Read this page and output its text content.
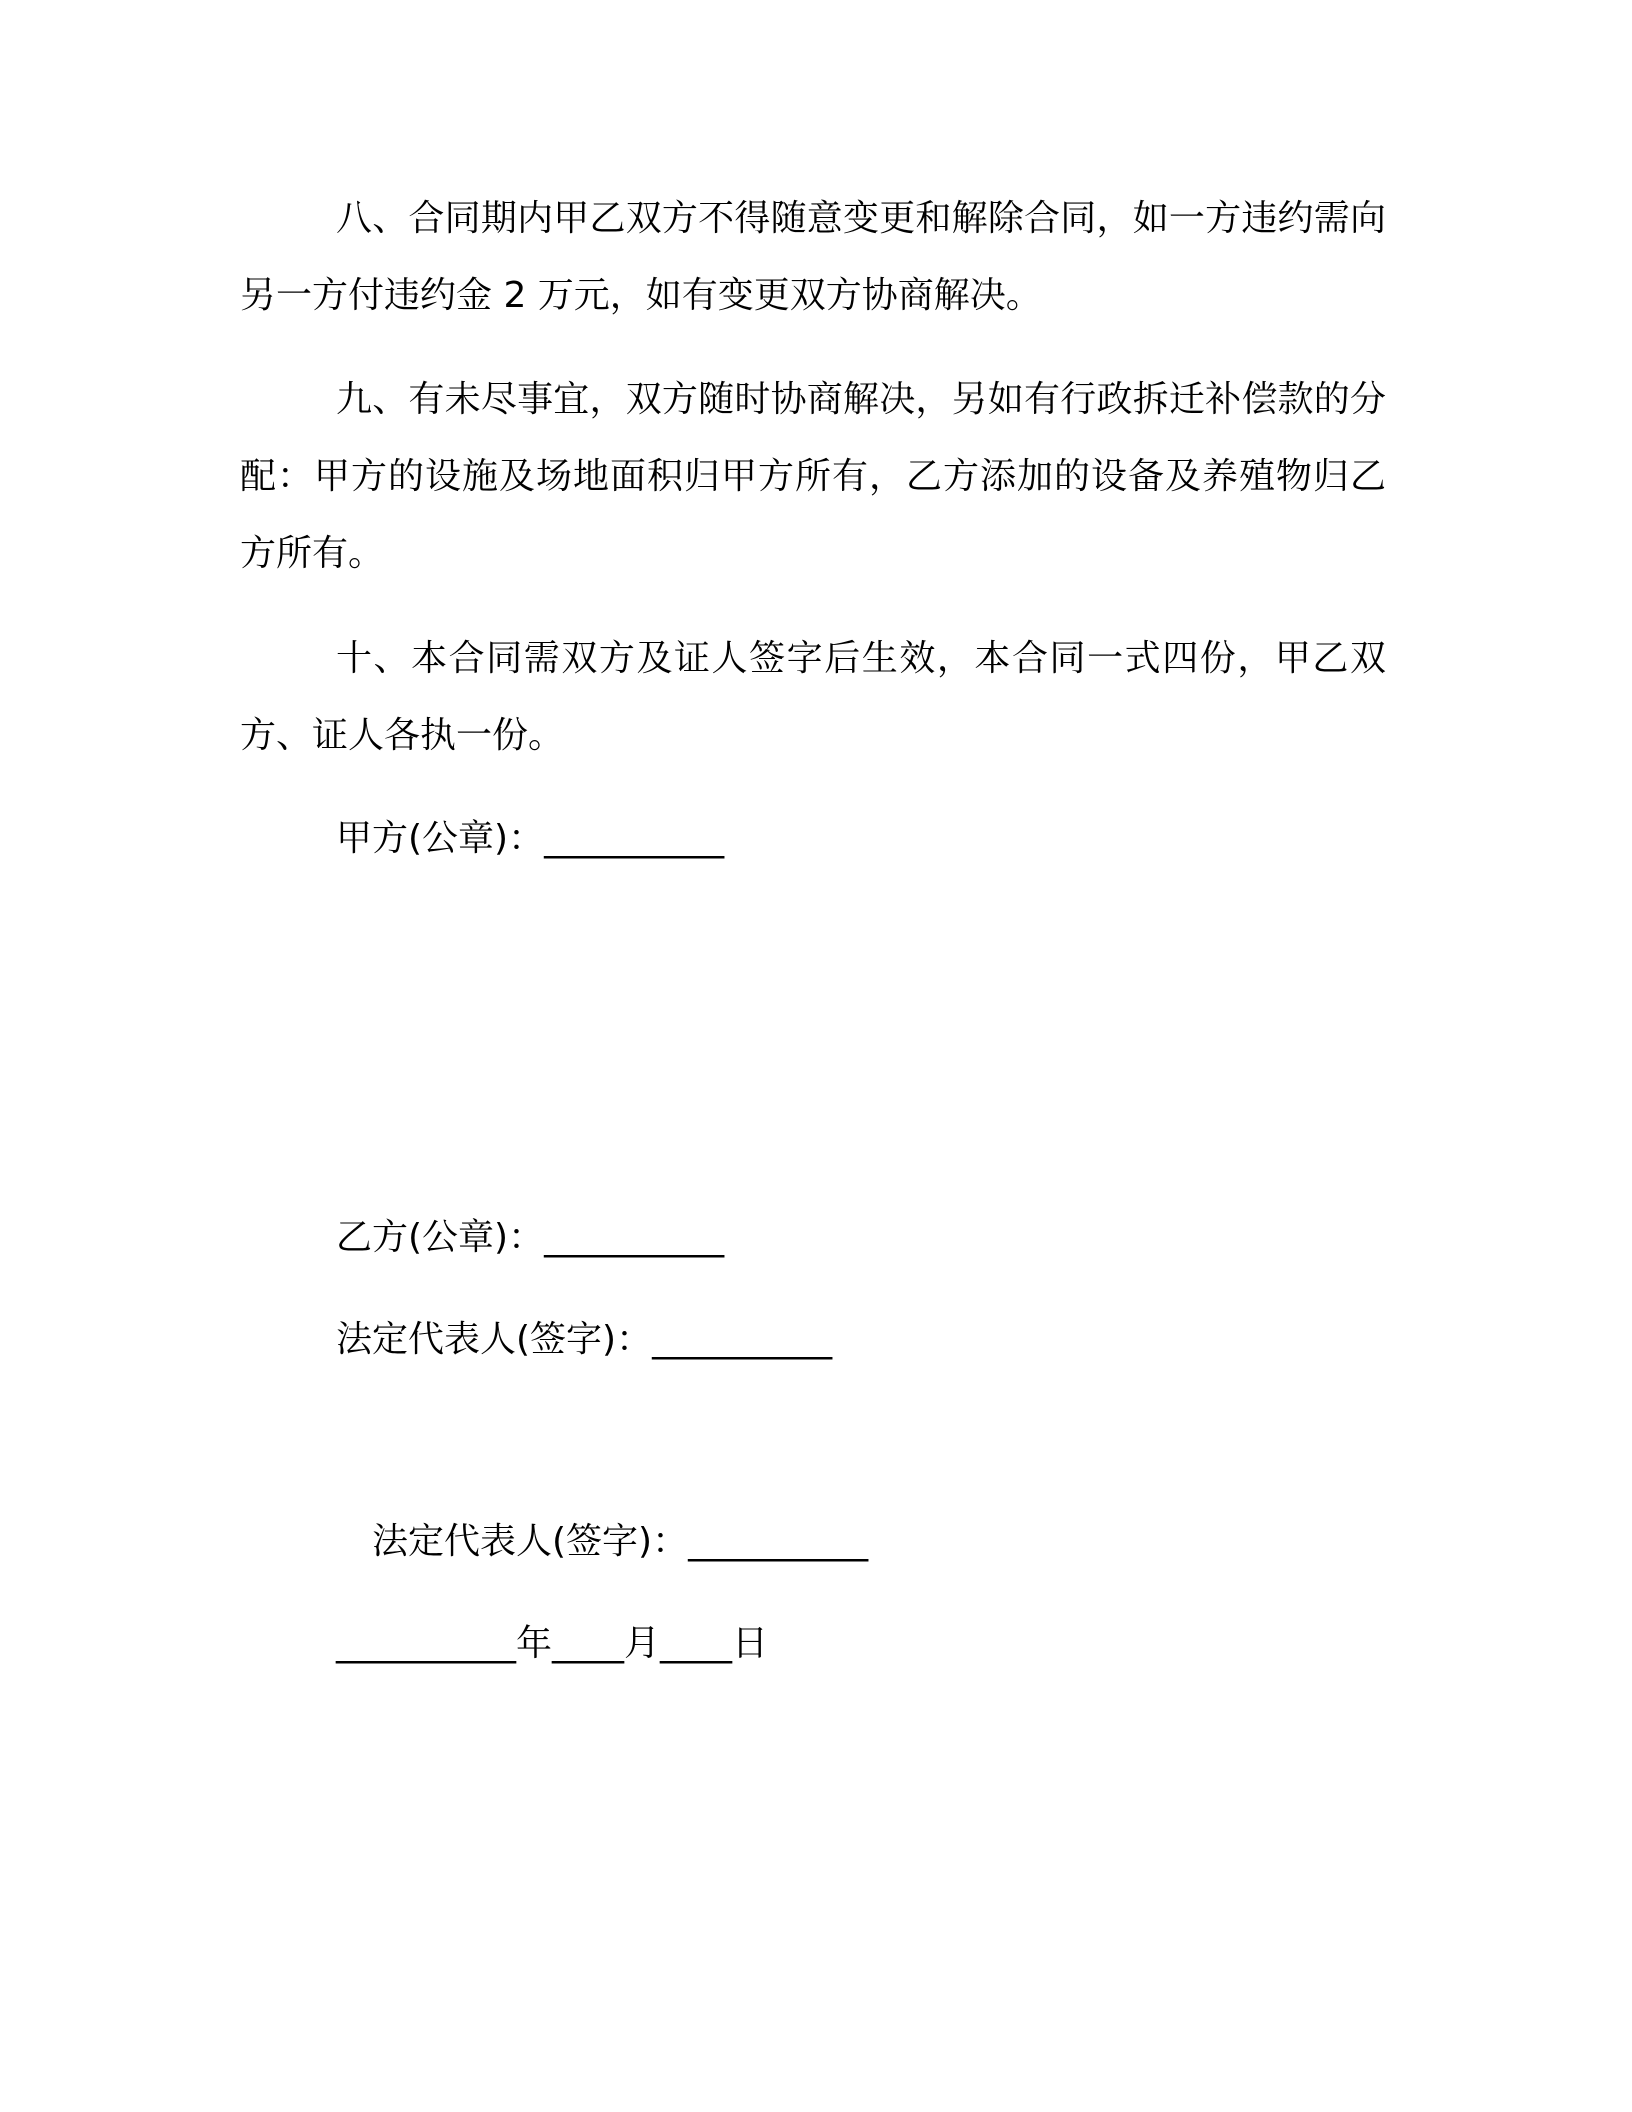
八、合同期内甲乙双方不得随意变更和解除合同，如一方违约需向另一方付违约金 2 万元，如有变更双方协商解决。

九、有未尽事宜，双方随时协商解决，另如有行政拆迁补偿款的分配：甲方的设施及场地面积归甲方所有，乙方添加的设备及养殖物归乙方所有。

十、本合同需双方及证人签字后生效，本合同一式四份，甲乙双方、证人各执一份。

甲方(公章)：__________
乙方(公章)：__________
法定代表人(签字)：__________
法定代表人(签字)：__________
__________年____月____日
